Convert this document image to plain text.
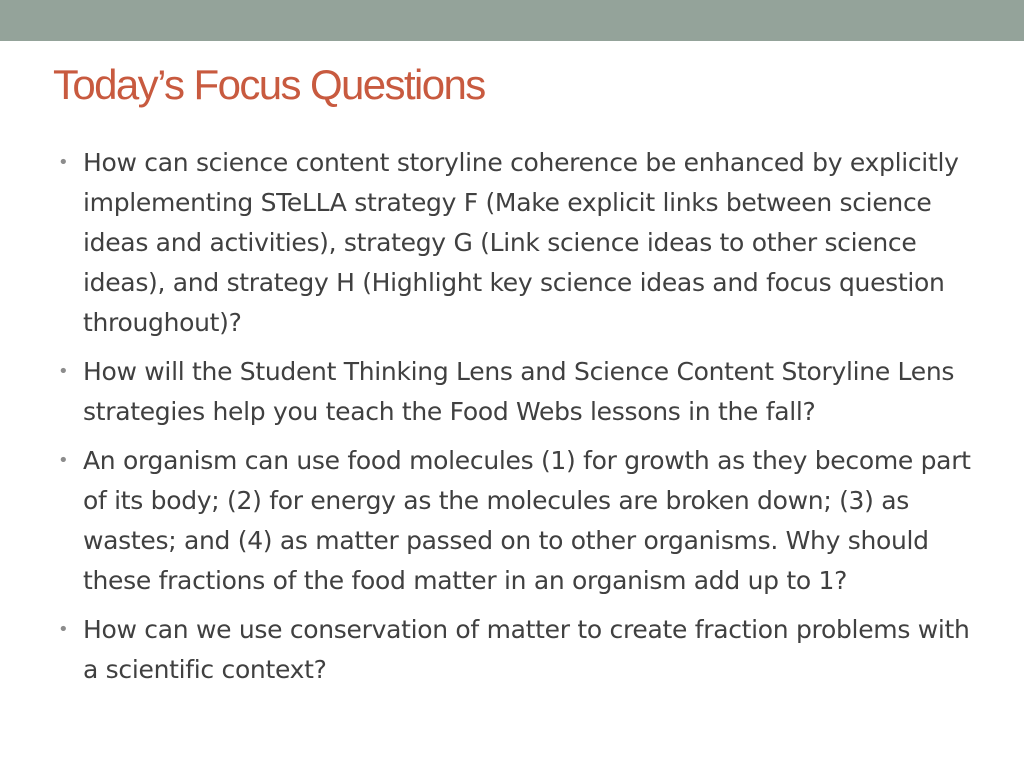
Today’s Focus Questions
• How can science content storyline coherence be enhanced by explicitly implementing STeLLA strategy F (Make explicit links between science ideas and activities), strategy G (Link science ideas to other science ideas), and strategy H (Highlight key science ideas and focus question throughout)?
• How will the Student Thinking Lens and Science Content Storyline Lens strategies help you teach the Food Webs lessons in the fall?
• An organism can use food molecules (1) for growth as they become part of its body; (2) for energy as the molecules are broken down; (3) as wastes; and (4) as matter passed on to other organisms. Why should these fractions of the food matter in an organism add up to 1?
• How can we use conservation of matter to create fraction problems with a scientific context?
